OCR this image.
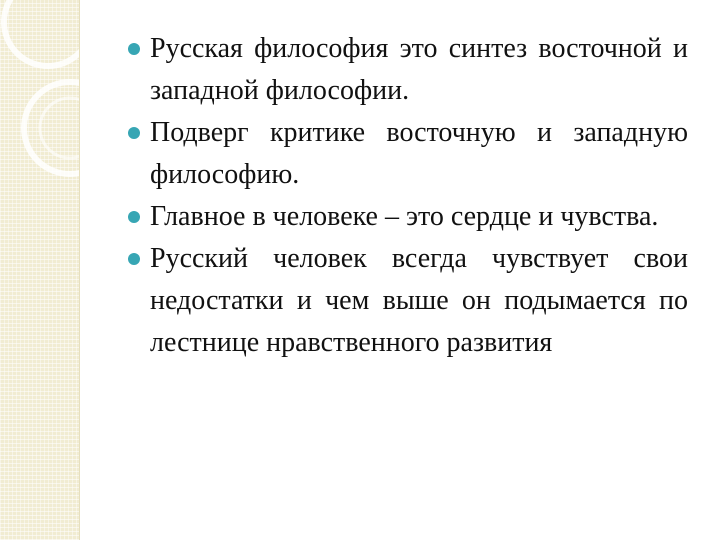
Русская философия это синтез восточной и западной философии.
Подверг критике восточную и западную философию.
Главное в человеке – это сердце и чувства.
Русский человек всегда чувствует свои недостатки и чем выше он подымается по лестнице нравственного развития
